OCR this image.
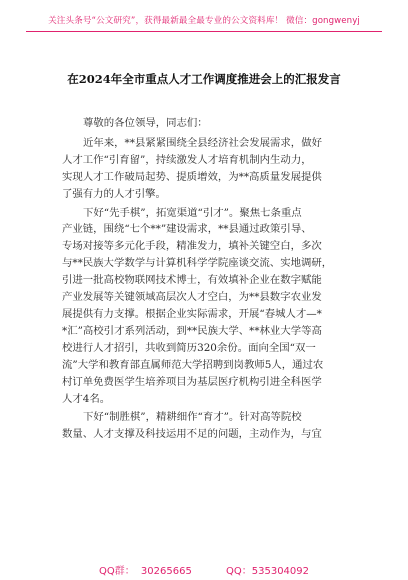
关注头条号“公文研究”，获得最新最全最专业的公文资料库！ 微信：gongwenyj
在2024年全市重点人才工作调度推进会上的汇报发言

尊敬的各位领导，同志们：

近年来，**县紧紧围绕全县经济社会发展需求，做好
人才工作“引育留”，持续激发人才培育机制内生动力，
实现人才工作破局起势、提质增效，为**高质量发展提供
了强有力的人才引擎。

下好“先手棋”，拓宽渠道“引才”。聚焦七条重点
产业链，围绕“七个**”建设需求，**县通过政策引导、
专场对接等多元化手段，精准发力，填补关键空白，多次
与**民族大学数学与计算机科学学院座谈交流、实地调研，
引进一批高校物联网技术博士，有效填补企业在数字赋能
产业发展等关键领域高层次人才空白，为**县数字农业发
展提供有力支撑。根据企业实际需求，开展“春城人才—*
*汇”高校引才系列活动，到**民族大学、**林业大学等高
校进行人才招引，共收到简历320余份。面向全国“双一
流”大学和教育部直属师范大学招聘到岗教师5人，通过农
村订单免费医学生培养项目为基层医疗机构引进全科医学
人才4名。

下好“制胜棋”，精耕细作“育才”。针对高等院校
数量、人才支撑及科技运用不足的问题，主动作为，与宜

QQ群： 30265665	QQ：535304092
